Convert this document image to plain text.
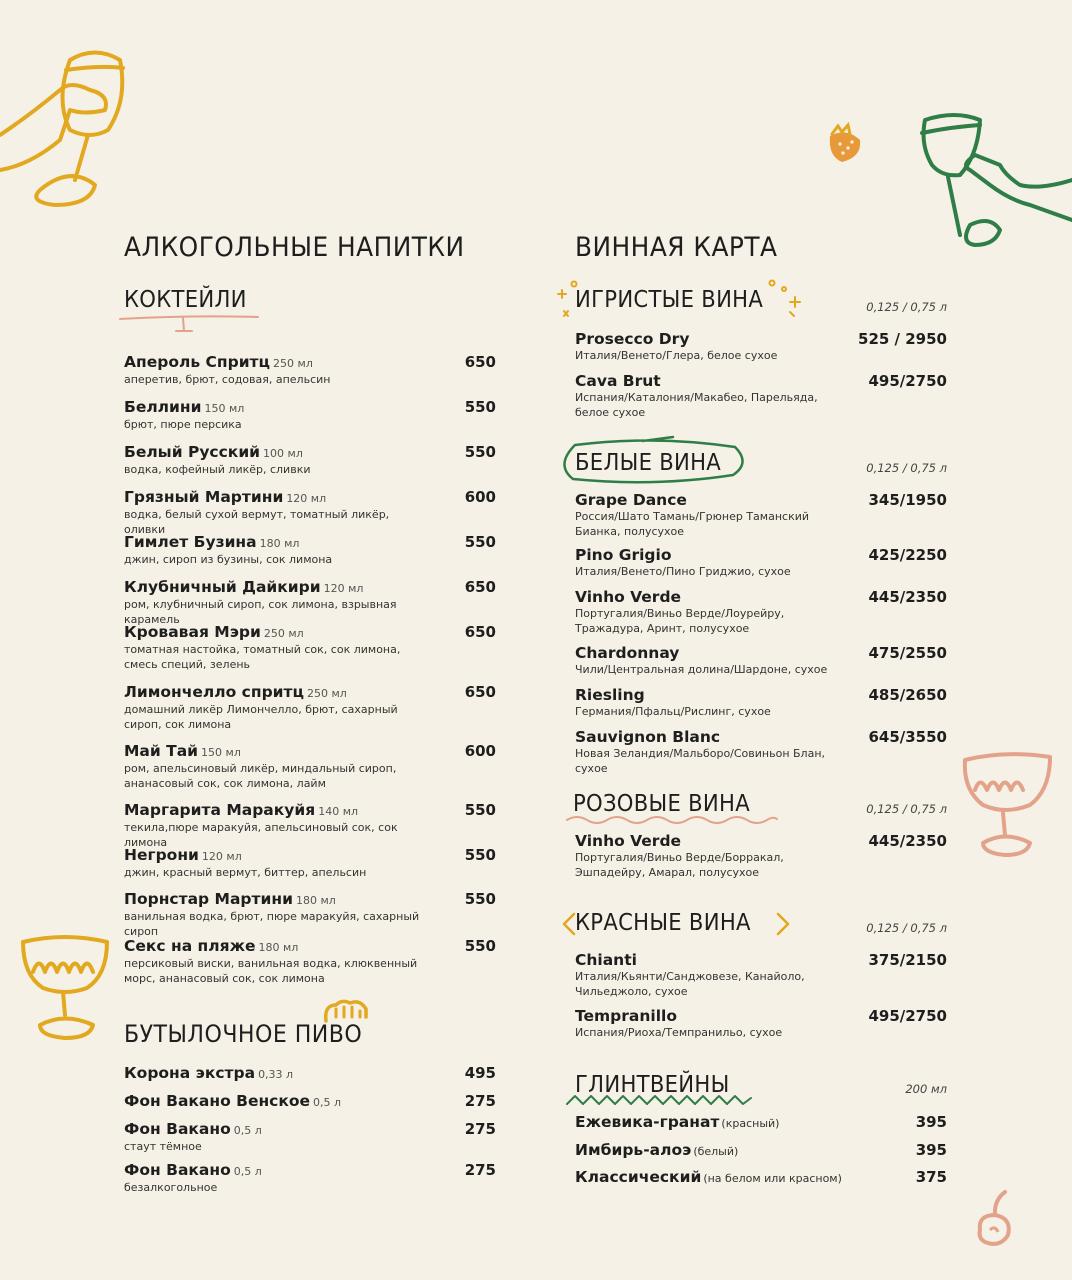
АЛКОГОЛЬНЫЕ НАПИТКИ
КОКТЕЙЛИ
Апероль Спритц 250 мл
аперетив, брют, содовая, апельсин
650
Беллини 150 мл
брют, пюре персика
550
Белый Русский 100 мл
водка, кофейный ликёр, сливки
550
Грязный Мартини 120 мл
водка, белый сухой вермут, томатный ликёр, оливки
600
Гимлет Бузина 180 мл
джин, сироп из бузины, сок лимона
550
Клубничный Дайкири 120 мл
ром, клубничный сироп, сок лимона, взрывная карамель
650
Кровавая Мэри 250 мл
томатная настойка, томатный сок, сок лимона, смесь специй, зелень
650
Лимончелло спритц 250 мл
домашний ликёр Лимончелло, брют, сахарный сироп, сок лимона
650
Май Тай 150 мл
ром, апельсиновый ликёр, миндальный сироп, ананасовый сок, сок лимона, лайм
600
Маргарита Маракуйя 140 мл
текила,пюре маракуйя, апельсиновый сок, сок лимона
550
Негрони 120 мл
джин, красный вермут, биттер, апельсин
550
Порнстар Мартини 180 мл
ванильная водка, брют, пюре маракуйя, сахарный сироп
550
Секс на пляже 180 мл
персиковый виски, ванильная водка, клюквенный морс, ананасовый сок, сок лимона
550
БУТЫЛОЧНОЕ ПИВО
Корона экстра 0,33 л	495
Фон Вакано Венское 0,5 л	275
Фон Вакано 0,5 л
стаут тёмное
275
Фон Вакано 0,5 л
безалкогольное
275
ВИННАЯ КАРТА
ИГРИСТЫЕ ВИНА	0,125 / 0,75 л
Prosecco Dry
Италия/Венето/Глера, белое сухое
525 / 2950
Cava Brut
Испания/Каталония/Макабео, Парельяда, белое сухое
495/2750
БЕЛЫЕ ВИНА	0,125 / 0,75 л
Grape Dance
Россия/Шато Тамань/Грюнер Таманский Бианка, полусухое
345/1950
Pino Grigio
Италия/Венето/Пино Гриджио, сухое
425/2250
Vinho Verde
Португалия/Виньо Верде/Лоурейру, Тражадура, Аринт, полусухое
445/2350
Chardonnay
Чили/Центральная долина/Шардоне, сухое
475/2550
Riesling
Германия/Пфальц/Рислинг, сухое
485/2650
Sauvignon Blanc
Новая Зеландия/Мальборо/Совиньон Блан, сухое
645/3550
РОЗОВЫЕ ВИНА	0,125 / 0,75 л
Vinho Verde
Португалия/Виньо Верде/Борракал, Эшпадейру, Амарал, полусухое
445/2350
КРАСНЫЕ ВИНА	0,125 / 0,75 л
Chianti
Италия/Кьянти/Санджовезе, Канайоло, Чильеджоло, сухое
375/2150
Tempranillo
Испания/Риоха/Темпранильо, сухое
495/2750
ГЛИНТВЕЙНЫ	200 мл
Ежевика-гранат (красный)	395
Имбирь-алоэ (белый)	395
Классический (на белом или красном)	375
